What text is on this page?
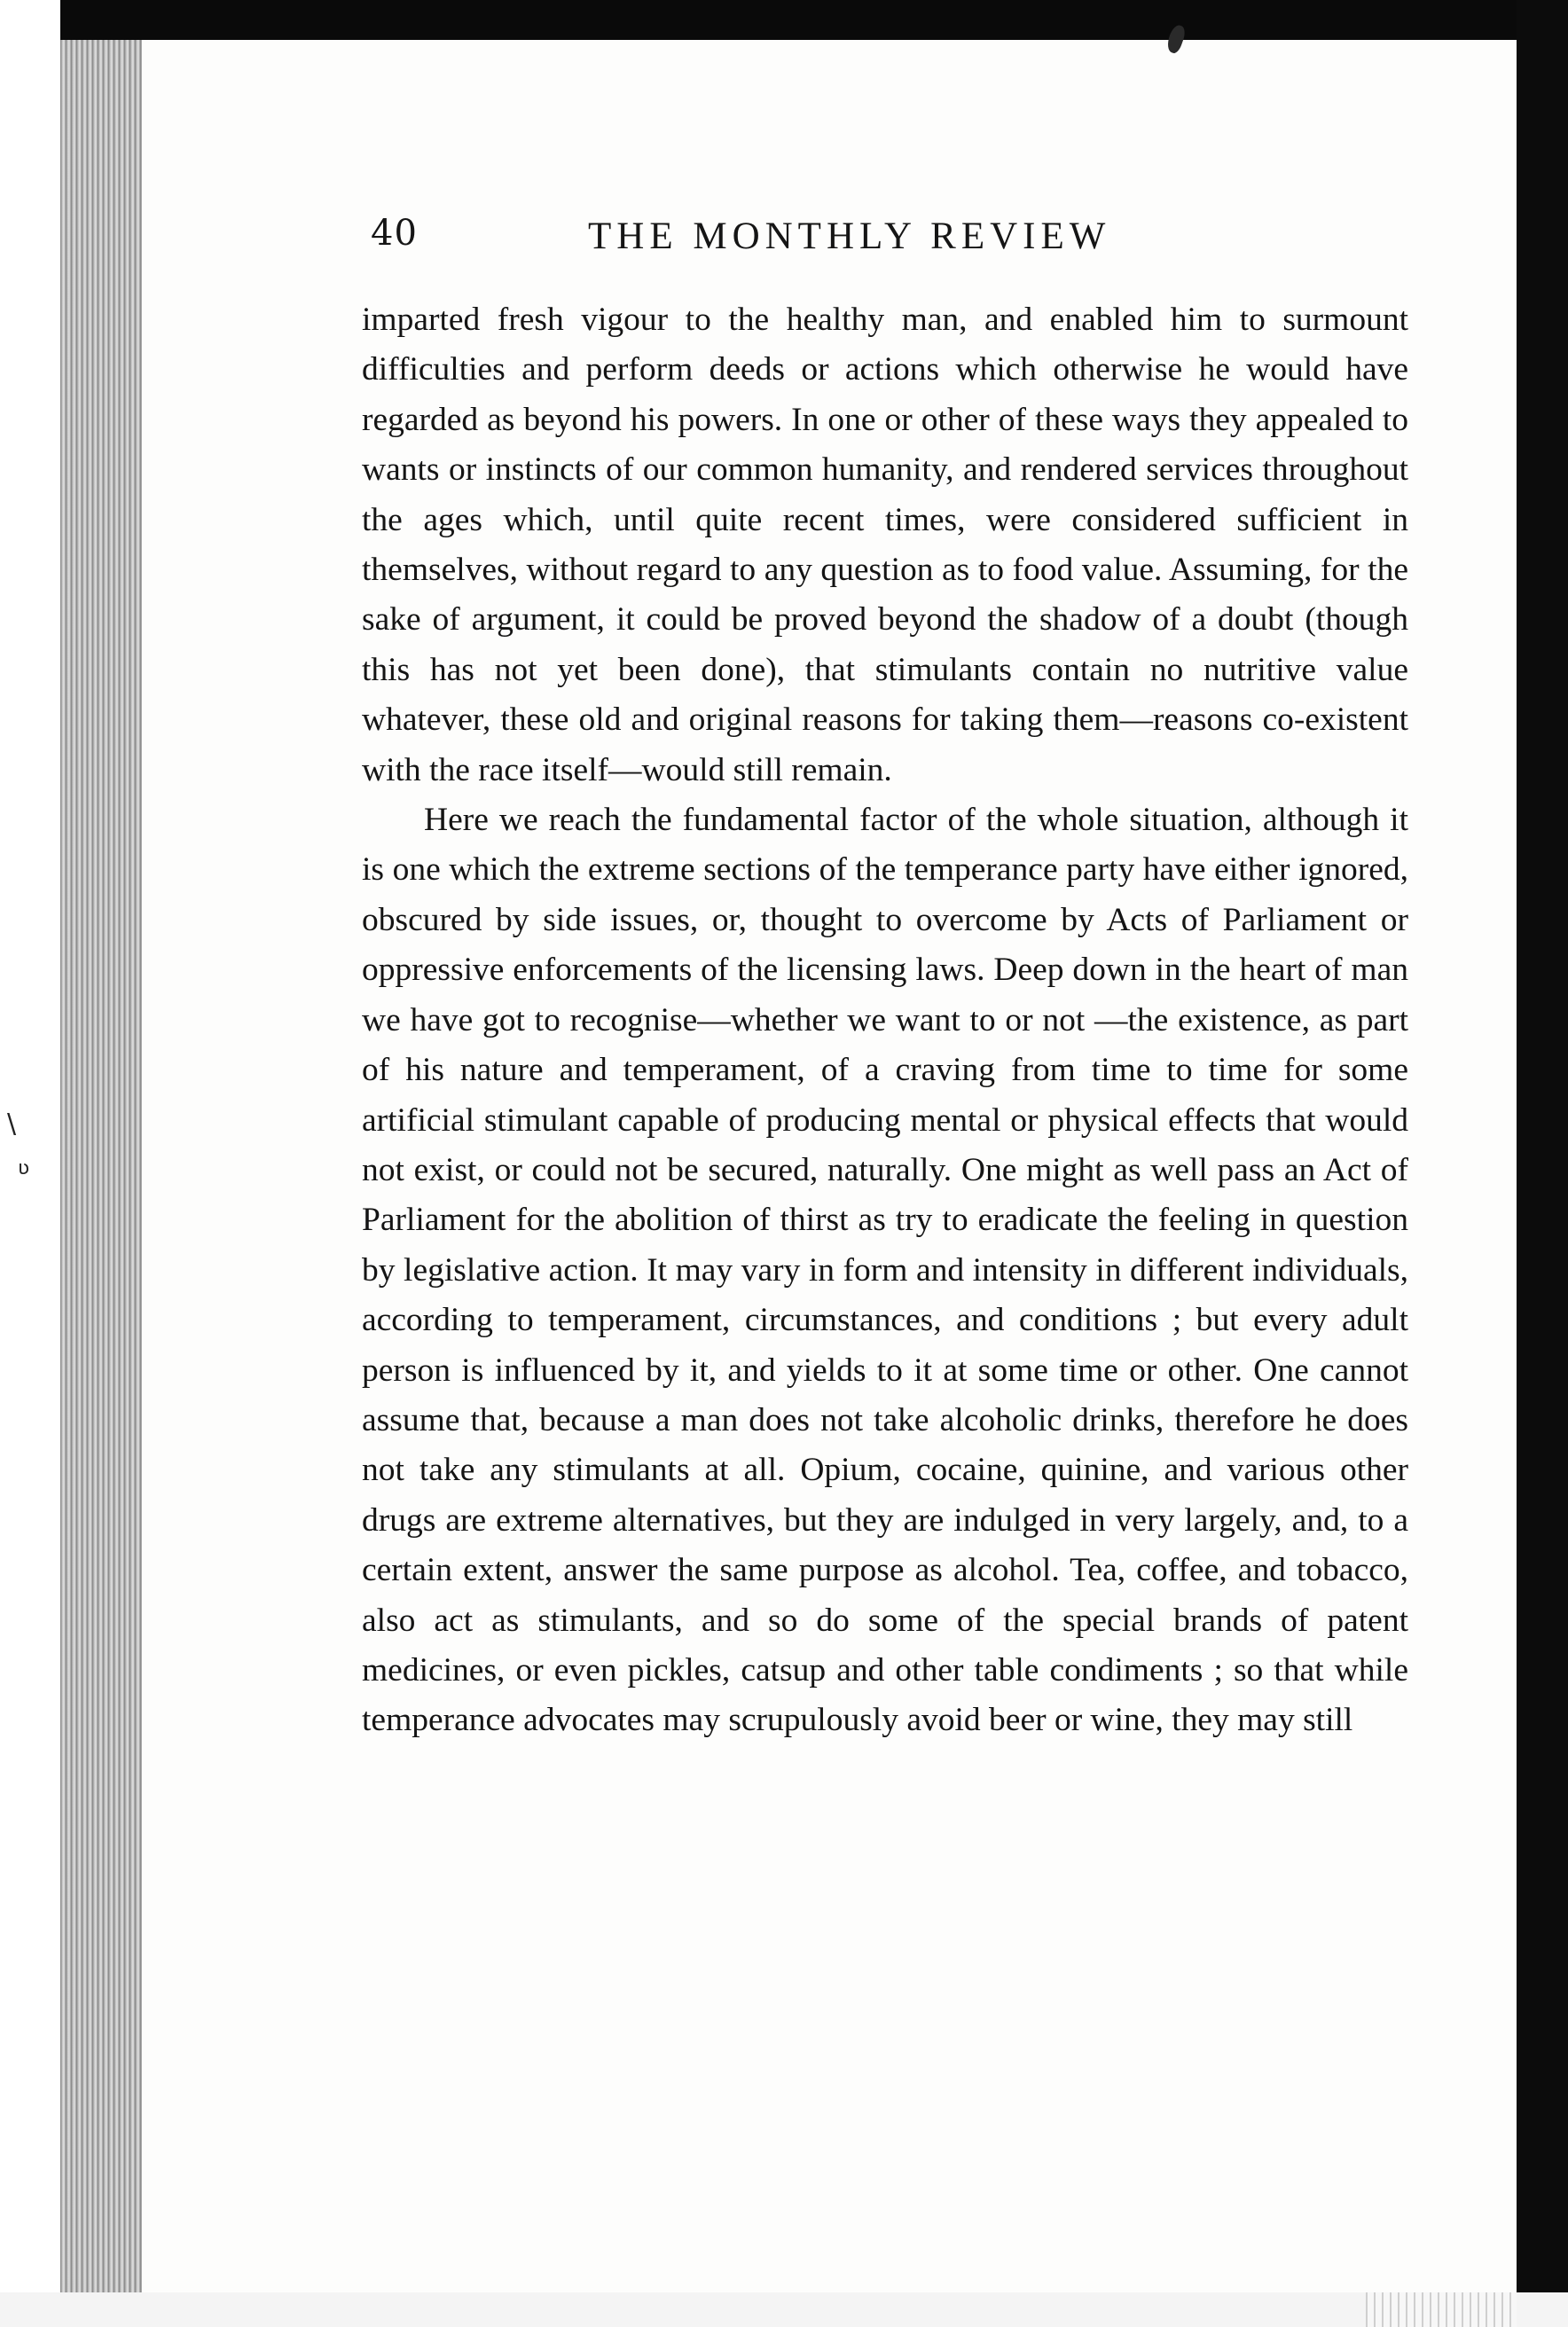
\
ʋ
40	THE MONTHLY REVIEW

imparted fresh vigour to the healthy man, and enabled him to surmount difficulties and perform deeds or actions which otherwise he would have regarded as beyond his powers. In one or other of these ways they appealed to wants or instincts of our common humanity, and rendered services throughout the ages which, until quite recent times, were considered sufficient in themselves, without regard to any question as to food value. Assuming, for the sake of argument, it could be proved beyond the shadow of a doubt (though this has not yet been done), that stimulants contain no nutritive value whatever, these old and original reasons for taking them—reasons co-existent with the race itself—would still remain.

Here we reach the fundamental factor of the whole situation, although it is one which the extreme sections of the temperance party have either ignored, obscured by side issues, or, thought to overcome by Acts of Parliament or oppressive enforcements of the licensing laws. Deep down in the heart of man we have got to recognise—whether we want to or not —the existence, as part of his nature and temperament, of a craving from time to time for some artificial stimulant capable of producing mental or physical effects that would not exist, or could not be secured, naturally. One might as well pass an Act of Parliament for the abolition of thirst as try to eradicate the feeling in question by legislative action. It may vary in form and intensity in different individuals, according to temperament, circumstances, and conditions ; but every adult person is influenced by it, and yields to it at some time or other. One cannot assume that, because a man does not take alcoholic drinks, therefore he does not take any stimulants at all. Opium, cocaine, quinine, and various other drugs are extreme alternatives, but they are indulged in very largely, and, to a certain extent, answer the same purpose as alcohol. Tea, coffee, and tobacco, also act as stimulants, and so do some of the special brands of patent medicines, or even pickles, catsup and other table condiments ; so that while temperance advocates may scrupulously avoid beer or wine, they may still
